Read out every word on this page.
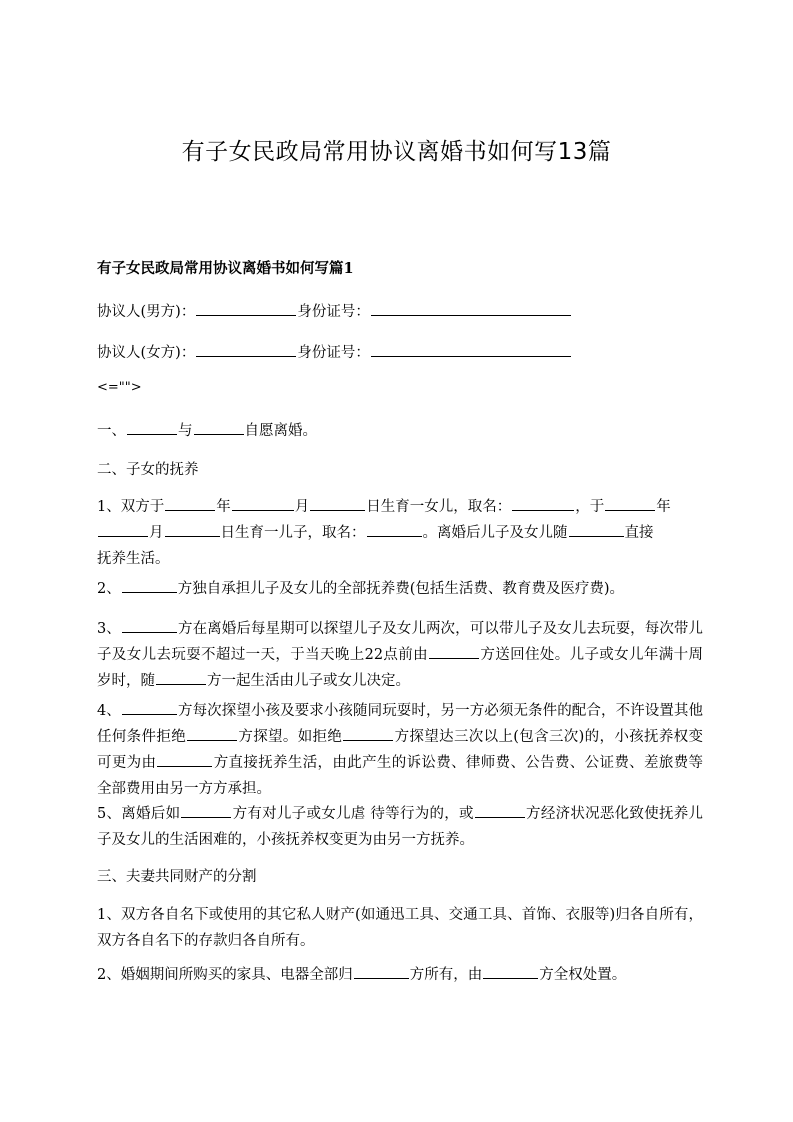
有子女民政局常用协议离婚书如何写13篇
有子女民政局常用协议离婚书如何写篇1
协议人(男方)：	身份证号：
协议人(女方)：	身份证号：
<="">
一、	与	自愿离婚。
二、子女的抚养
1、双方于	年	月	日生育一女儿，取名：	，于	年
月	日生育一儿子，取名：	。离婚后儿子及女儿随	直接
抚养生活。
2、	方独自承担儿子及女儿的全部抚养费(包括生活费、教育费及医疗费)。
3、	方在离婚后每星期可以探望儿子及女儿两次，可以带儿子及女儿去玩耍，每次带儿子及女儿去玩耍不超过一天，于当天晚上22点前由	方送回住处。儿子或女儿年满十周岁时，随	方一起生活由儿子或女儿决定。
4、	方每次探望小孩及要求小孩随同玩耍时，另一方必须无条件的配合，不许设置其他任何条件拒绝	方探望。如拒绝	方探望达三次以上(包含三次)的，小孩抚养权变可更为由	方直接抚养生活，由此产生的诉讼费、律师费、公告费、公证费、差旅费等全部费用由另一方方承担。
5、离婚后如	方有对儿子或女儿虐 待等行为的，或	方经济状况恶化致使抚养儿子及女儿的生活困难的，小孩抚养权变更为由另一方抚养。
三、夫妻共同财产的分割
1、双方各自名下或使用的其它私人财产(如通迅工具、交通工具、首饰、衣服等)归各自所有，双方各自名下的存款归各自所有。
2、婚姻期间所购买的家具、电器全部归	方所有，由	方全权处置。
